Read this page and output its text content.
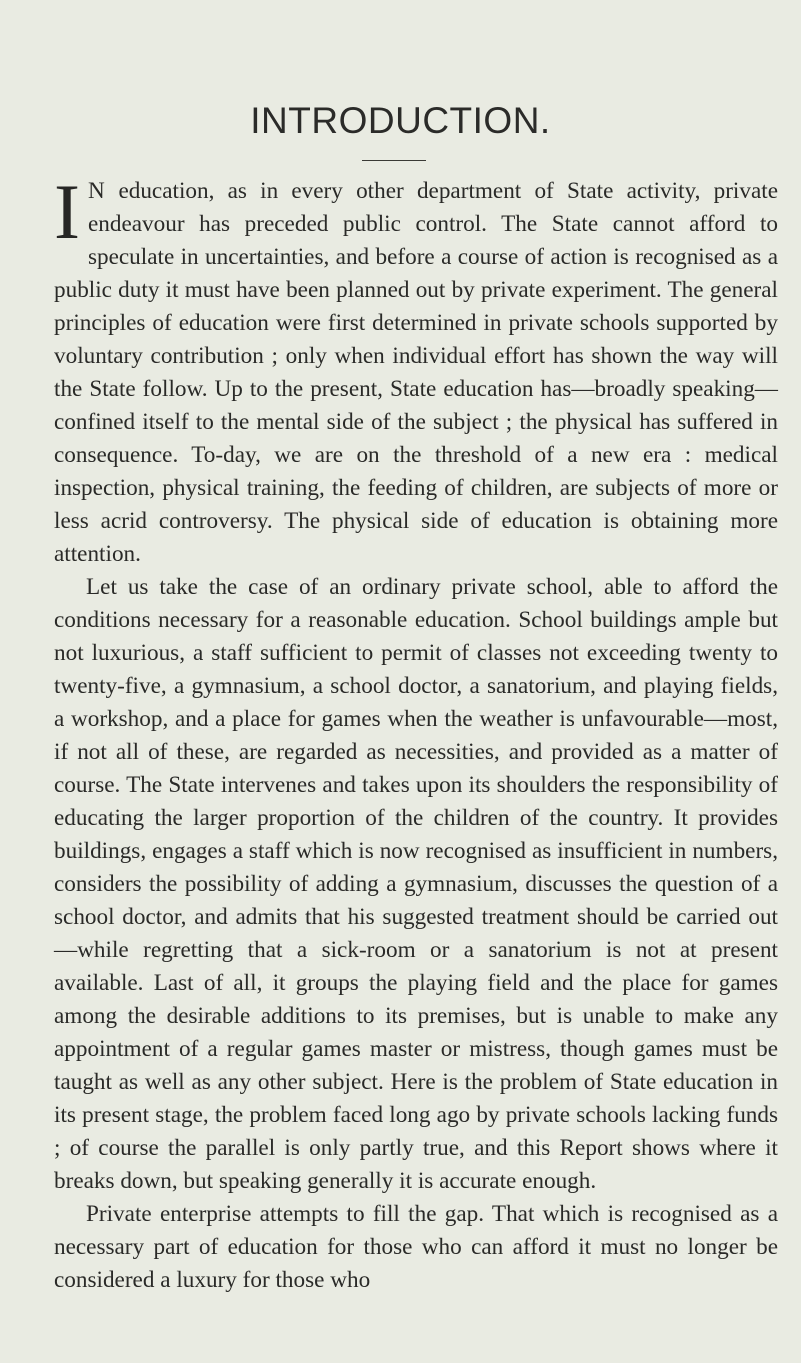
INTRODUCTION.

I N education, as in every other department of State activity, private endeavour has preceded public control. The State cannot afford to speculate in uncertainties, and before a course of action is recognised as a public duty it must have been planned out by private experiment. The general principles of education were first determined in private schools supported by voluntary contribution ; only when individual effort has shown the way will the State follow. Up to the present, State education has—broadly speaking—confined itself to the mental side of the subject ; the physical has suffered in consequence. To-day, we are on the threshold of a new era : medical inspection, physical training, the feeding of children, are subjects of more or less acrid controversy. The physical side of education is obtaining more attention.

Let us take the case of an ordinary private school, able to afford the conditions necessary for a reasonable education. School buildings ample but not luxurious, a staff sufficient to permit of classes not exceeding twenty to twenty-five, a gymnasium, a school doctor, a sanatorium, and playing fields, a workshop, and a place for games when the weather is unfavourable—most, if not all of these, are regarded as necessities, and provided as a matter of course. The State intervenes and takes upon its shoulders the responsibility of educating the larger proportion of the children of the country. It provides buildings, engages a staff which is now recognised as insufficient in numbers, considers the possibility of adding a gymnasium, discusses the question of a school doctor, and admits that his suggested treatment should be carried out—while regretting that a sick-room or a sanatorium is not at present available. Last of all, it groups the playing field and the place for games among the desirable additions to its premises, but is unable to make any appointment of a regular games master or mistress, though games must be taught as well as any other subject. Here is the problem of State education in its present stage, the problem faced long ago by private schools lacking funds ; of course the parallel is only partly true, and this Report shows where it breaks down, but speaking generally it is accurate enough.

Private enterprise attempts to fill the gap. That which is recognised as a necessary part of education for those who can afford it must no longer be considered a luxury for those who
